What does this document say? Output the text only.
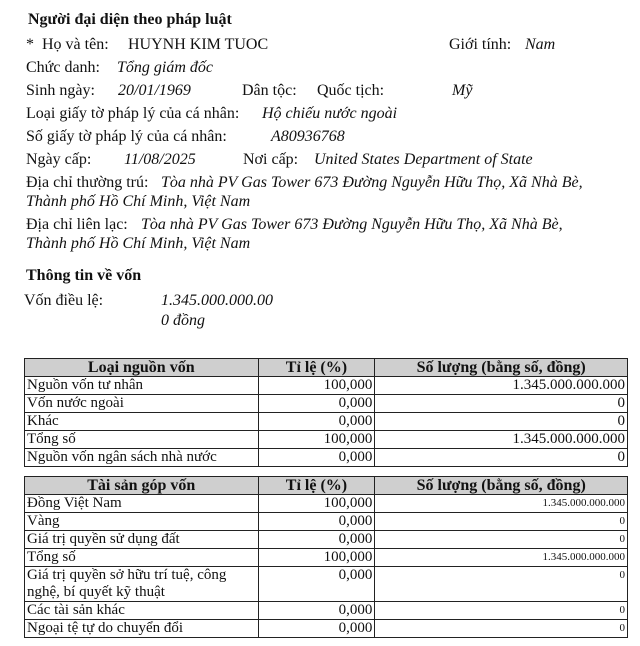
Người đại diện theo pháp luật
* Họ và tên: HUYNH KIM TUOC	Giới tính: Nam
Chức danh: Tổng giám đốc
Sinh ngày: 20/01/1969	Dân tộc: Quốc tịch:	Mỹ
Loại giấy tờ pháp lý của cá nhân: Hộ chiếu nước ngoài
Số giấy tờ pháp lý của cá nhân:	A80936768
Ngày cấp: 11/08/2025	Nơi cấp: United States Department of State
Địa chỉ thường trú: Tòa nhà PV Gas Tower 673 Đường Nguyễn Hữu Thọ, Xã Nhà Bè,
Thành phố Hồ Chí Minh, Việt Nam
Địa chỉ liên lạc: Tòa nhà PV Gas Tower 673 Đường Nguyễn Hữu Thọ, Xã Nhà Bè,
Thành phố Hồ Chí Minh, Việt Nam
Thông tin về vốn
Vốn điều lệ:	1.345.000.000.00
0 đồng
Loại nguồn vốn	Tỉ lệ (%)	Số lượng (bằng số, đồng)
Nguồn vốn tư nhân	100,000	1.345.000.000.000
Vốn nước ngoài	0,000	0
Khác	0,000	0
Tổng số	100,000	1.345.000.000.000
Nguồn vốn ngân sách nhà nước	0,000	0
Tài sản góp vốn	Tỉ lệ (%)	Số lượng (bằng số, đồng)
Đồng Việt Nam	100,000	1.345.000.000.000
Vàng	0,000	0
Giá trị quyền sử dụng đất	0,000	0
Tổng số	100,000	1.345.000.000.000

Giá trị quyền sở hữu trí tuệ, công
nghệ, bí quyết kỹ thuật	0,000	0
Các tài sản khác	0,000	0
Ngoại tệ tự do chuyển đổi	0,000	0
